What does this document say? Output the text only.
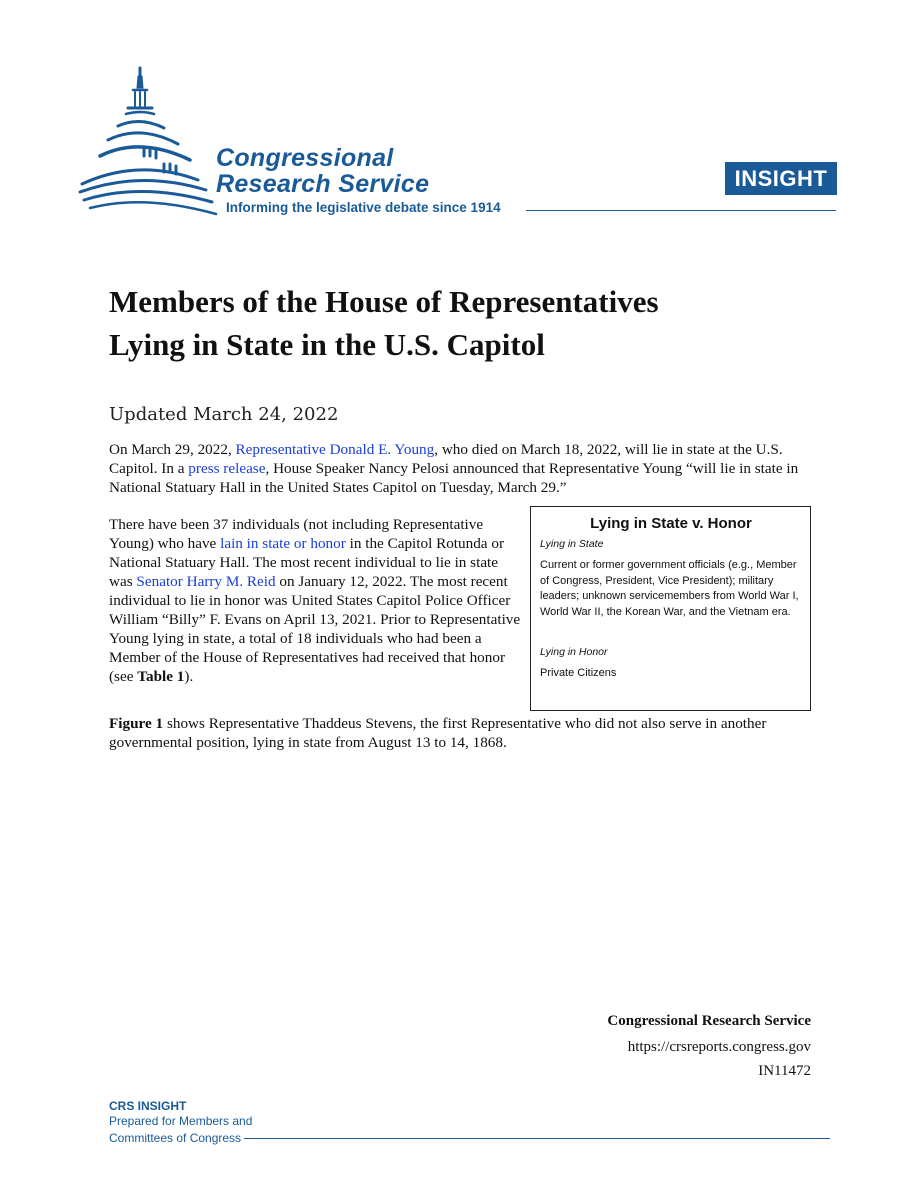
Congressional
Research Service
Informing the legislative debate since 1914
INSIGHT
Members of the House of Representatives
Lying in State in the U.S. Capitol
Updated March 24, 2022

On March 29, 2022, Representative Donald E. Young, who died on March 18, 2022, will lie in state at the U.S. Capitol. In a press release, House Speaker Nancy Pelosi announced that Representative Young “will lie in state in National Statuary Hall in the United States Capitol on Tuesday, March 29.”

There have been 37 individuals (not including Representative Young) who have lain in state or honor in the Capitol Rotunda or National Statuary Hall. The most recent individual to lie in state was Senator Harry M. Reid on January 12, 2022. The most recent individual to lie in honor was United States Capitol Police Officer William “Billy” F. Evans on April 13, 2021. Prior to Representative Young lying in state, a total of 18 individuals who had been a Member of the House of Representatives had received that honor (see Table 1).

Lying in State v. Honor

Lying in State

Current or former government officials (e.g., Member of Congress, President, Vice President); military leaders; unknown servicemembers from World War I, World War II, the Korean War, and the Vietnam era.

Lying in Honor

Private Citizens

Figure 1 shows Representative Thaddeus Stevens, the first Representative who did not also serve in another governmental position, lying in state from August 13 to 14, 1868.

Congressional Research Service
https://crsreports.congress.gov
IN11472
CRS INSIGHT
Prepared for Members and
Committees of Congress
